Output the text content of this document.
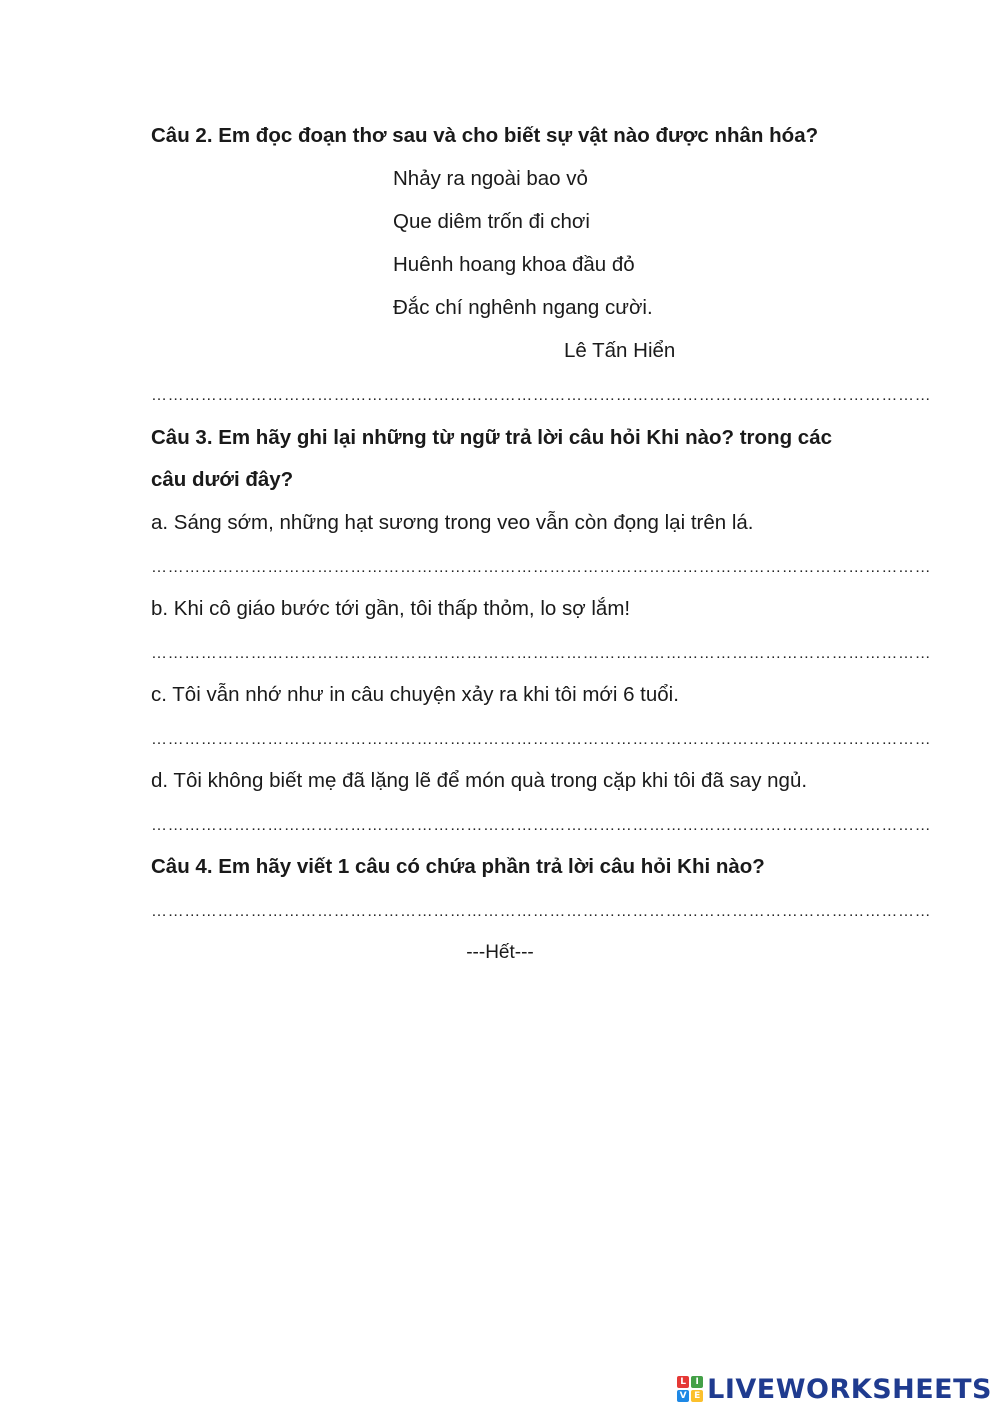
Câu 2. Em đọc đoạn thơ sau và cho biết sự vật nào được nhân hóa?
Nhảy ra ngoài bao vỏ
Que diêm trốn đi chơi
Huênh hoang khoa đầu đỏ
Đắc chí nghênh ngang cười.
Lê Tấn Hiển
……………………………………………………………………………………………………………………………
Câu 3. Em hãy ghi lại những từ ngữ trả lời câu hỏi Khi nào? trong các
câu dưới đây?
a. Sáng sớm, những hạt sương trong veo vẫn còn đọng lại trên lá.
……………………………………………………………………………………………………………………………
b. Khi cô giáo bước tới gần, tôi thấp thỏm, lo sợ lắm!
……………………………………………………………………………………………………………………………
c. Tôi vẫn nhớ như in câu chuyện xảy ra khi tôi mới 6 tuổi.
……………………………………………………………………………………………………………………………
d. Tôi không biết mẹ đã lặng lẽ để món quà trong cặp khi tôi đã say ngủ.
……………………………………………………………………………………………………………………………
Câu 4. Em hãy viết 1 câu có chứa phần trả lời câu hỏi Khi nào?
……………………………………………………………………………………………………………………………
---Hết---
L	I
V E LIVEWORKSHEETS
